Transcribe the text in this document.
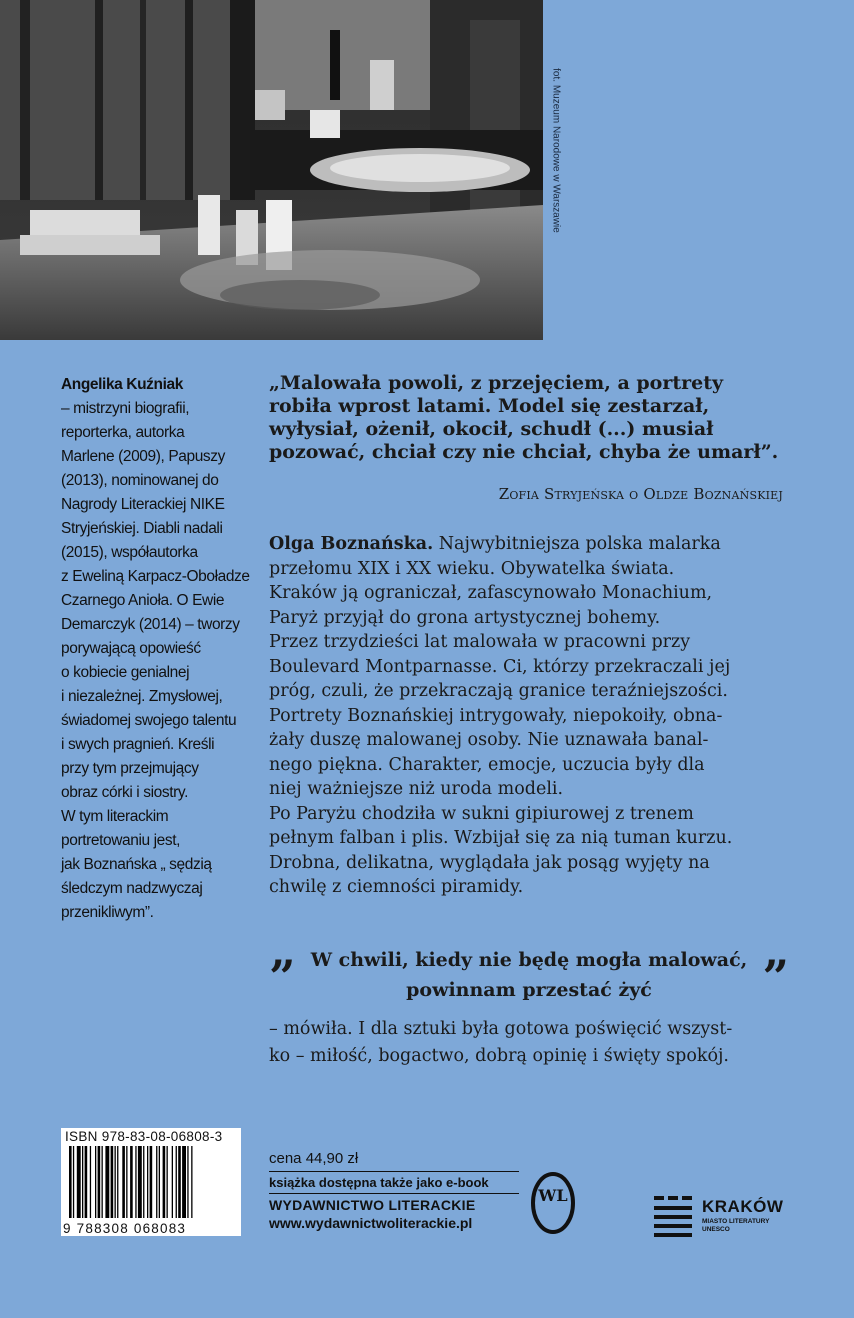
fot. Muzeum Narodowe w Warszawie
Angelika Kuźniak
– mistrzyni biografii,
reporterka, autorka
Marlene (2009), Papuszy
(2013), nominowanej do
Nagrody Literackiej NIKE
Stryjeńskiej. Diabli nadali
(2015), współautorka
z Eweliną Karpacz-Oboładze
Czarnego Anioła. O Ewie
Demarczyk (2014) – tworzy
porywającą opowieść
o kobiecie genialnej
i niezależnej. Zmysłowej,
świadomej swojego talentu
i swych pragnień. Kreśli
przy tym przejmujący
obraz córki i siostry.
W tym literackim
portretowaniu jest,
jak Boznańska „ sędzią
śledczym nadzwyczaj
przenikliwym”.
„Malowała powoli, z przejęciem, a portrety
robiła wprost latami. Model się zestarzał,
wyłysiał, ożenił, okocił, schudł (...) musiał
pozować, chciał czy nie chciał, chyba że umarł”.
Zofia Stryjeńska o Oldze Boznańskiej
Olga Boznańska. Najwybitniejsza polska malarka
przełomu XIX i XX wieku. Obywatelka świata.
Kraków ją ograniczał, zafascynowało Monachium,
Paryż przyjął do grona artystycznej bohemy.
Przez trzydzieści lat malowała w pracowni przy
Boulevard Montparnasse. Ci, którzy przekraczali jej
próg, czuli, że przekraczają granice teraźniejszości.
Portrety Boznańskiej intrygowały, niepokoiły, obna-
żały duszę malowanej osoby. Nie uznawała banal-
nego piękna. Charakter, emocje, uczucia były dla
niej ważniejsze niż uroda modeli.
Po Paryżu chodziła w sukni gipiurowej z trenem
pełnym falban i plis. Wzbijał się za nią tuman kurzu.
Drobna, delikatna, wyglądała jak posąg wyjęty na
chwilę z ciemności piramidy.
” W chwili, kiedy nie będę mogła malować,
powinnam przestać żyć	”
– mówiła. I dla sztuki była gotowa poświęcić wszyst-
ko – miłość, bogactwo, dobrą opinię i święty spokój.
ISBN 978-83-08-06808-3
9 788308 068083
cena 44,90 zł
książka dostępna także jako e-book
WYDAWNICTWO LITERACKIE
www.wydawnictwoliterackie.pl
WL
KRAKÓW
MIASTO LITERATURY
UNESCO
